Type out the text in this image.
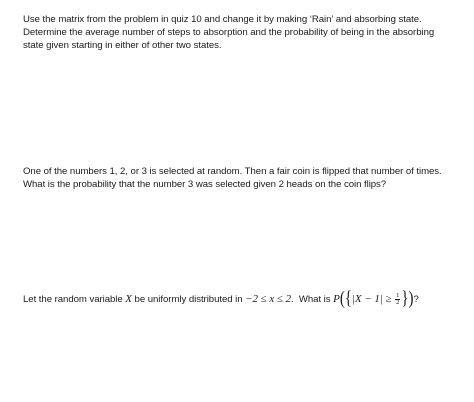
Use the matrix from the problem in quiz 10 and change it by making ‘Rain’ and absorbing state.
Determine the average number of steps to absorption and the probability of being in the absorbing
state given starting in either of other two states.
One of the numbers 1, 2, or 3 is selected at random. Then a fair coin is flipped that number of times.
What is the probability that the number 3 was selected given 2 heads on the coin flips?
Let the random variable X be uniformly distributed in −2 ≤ x ≤ 2 .  What is P ( { $|X - 1| \ge \frac{1}{2}$ } ) ?
